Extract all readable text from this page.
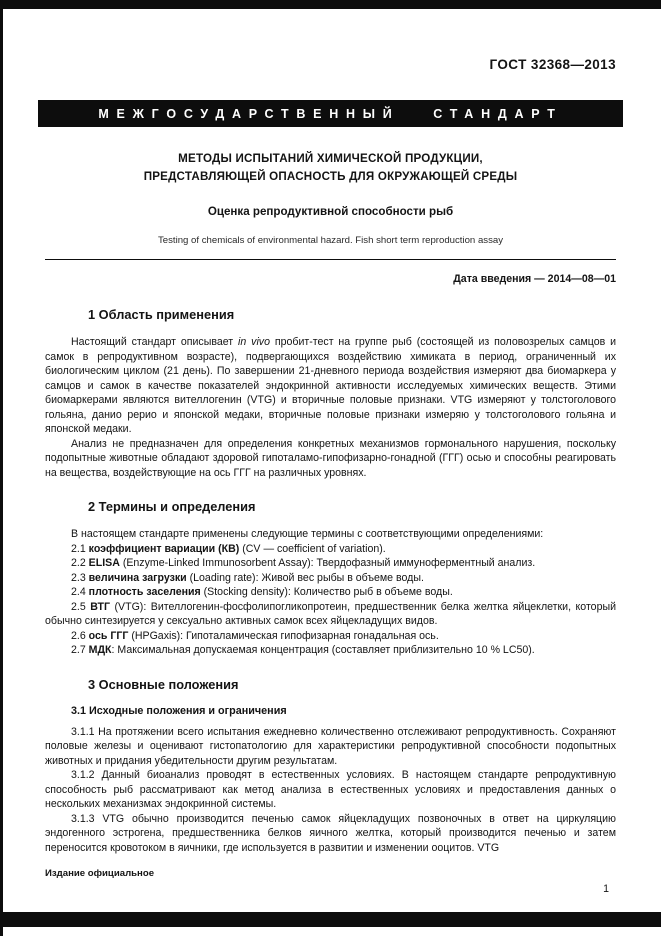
ГОСТ 32368—2013
МЕЖГОСУДАРСТВЕННЫЙ СТАНДАРТ
МЕТОДЫ ИСПЫТАНИЙ ХИМИЧЕСКОЙ ПРОДУКЦИИ,
ПРЕДСТАВЛЯЮЩЕЙ ОПАСНОСТЬ ДЛЯ ОКРУЖАЮЩЕЙ СРЕДЫ
Оценка репродуктивной способности рыб
Testing of chemicals of environmental hazard. Fish short term reproduction assay
Дата введения — 2014—08—01
1 Область применения

Настоящий стандарт описывает in vivo пробит-тест на группе рыб (состоящей из половозрелых самцов и самок в репродуктивном возрасте), подвергающихся воздействию химиката в период, ограниченный их биологическим циклом (21 день). По завершении 21-дневного периода воздействия измеряют два биомаркера у самцов и самок в качестве показателей эндокринной активности исследуемых химических веществ. Этими биомаркерами являются вителлогенин (VTG) и вторичные половые признаки. VTG измеряют у толстоголового гольяна, данио рерио и японской медаки, вторичные половые признаки измеряю у толстоголового гольяна и японской медаки.

Анализ не предназначен для определения конкретных механизмов гормонального нарушения, поскольку подопытные животные обладают здоровой гипоталамо-гипофизарно-гонадной (ГГГ) осью и способны реагировать на вещества, воздействующие на ось ГГГ на различных уровнях.

2 Термины и определения

В настоящем стандарте применены следующие термины с соответствующими определениями:

2.1 коэффициент вариации (КВ) (CV — coefficient of variation).

2.2 ELISA (Enzyme-Linked Immunosorbent Assay): Твердофазный иммуноферментный анализ.

2.3 величина загрузки (Loading rate): Живой вес рыбы в объеме воды.

2.4 плотность заселения (Stocking density): Количество рыб в объеме воды.

2.5 ВТГ (VTG): Вителлогенин-фосфолипогликопротеин, предшественник белка желтка яйцеклетки, который обычно синтезируется у сексуально активных самок всех яйцекладущих видов.

2.6 ось ГГГ (HPGaxis): Гипоталамическая гипофизарная гонадальная ось.

2.7 МДК: Максимальная допускаемая концентрация (составляет приблизительно 10 % LC50).

3 Основные положения
3.1 Исходные положения и ограничения

3.1.1 На протяжении всего испытания ежедневно количественно отслеживают репродуктивность. Сохраняют половые железы и оценивают гистопатологию для характеристики репродуктивной способности подопытных животных и придания убедительности другим результатам.

3.1.2 Данный биоанализ проводят в естественных условиях. В настоящем стандарте репродуктивную способность рыб рассматривают как метод анализа в естественных условиях и предоставления данных о нескольких механизмах эндокринной системы.

3.1.3 VTG обычно производится печенью самок яйцекладущих позвоночных в ответ на циркуляцию эндогенного эстрогена, предшественника белков яичного желтка, который производится печенью и затем переносится кровотоком в яичники, где используется в развитии и изменении ооцитов. VTG

Издание официальное
1
